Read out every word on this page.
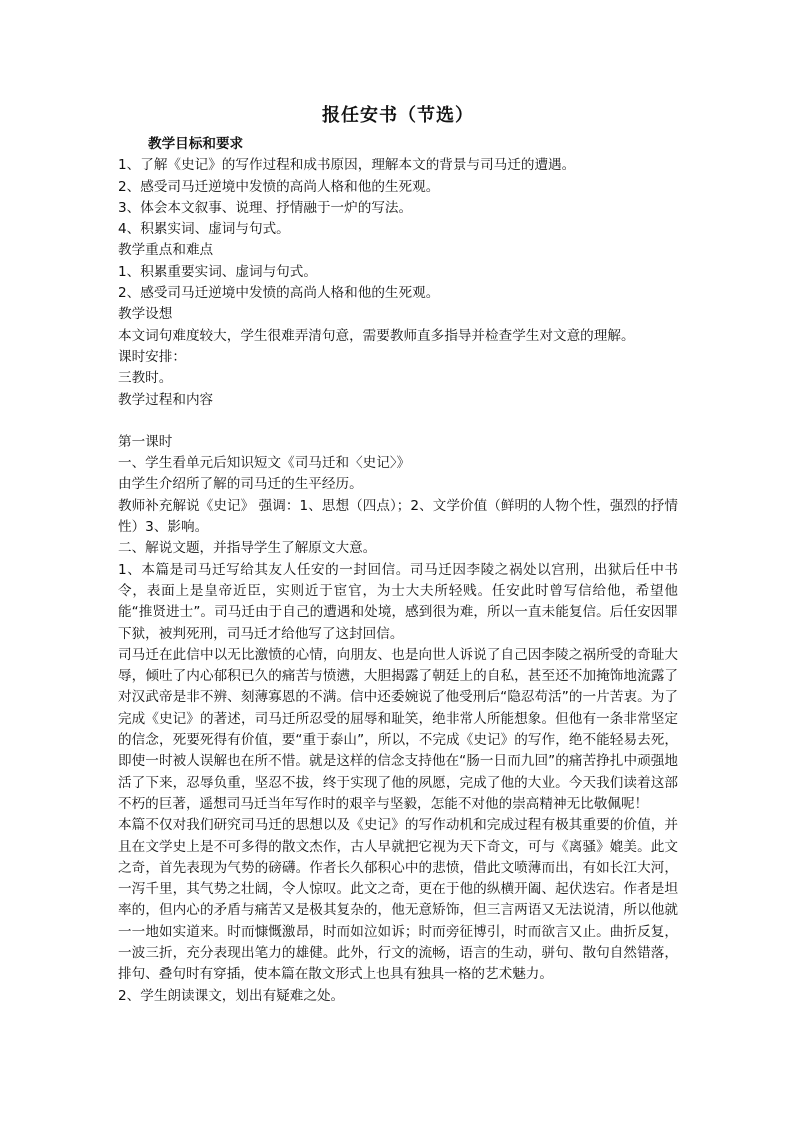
报任安书（节选）

教学目标和要求

1、了解《史记》的写作过程和成书原因，理解本文的背景与司马迁的遭遇。

2、感受司马迁逆境中发愤的高尚人格和他的生死观。

3、体会本文叙事、说理、抒情融于一炉的写法。

4、积累实词、虚词与句式。

教学重点和难点

1、积累重要实词、虚词与句式。

2、感受司马迁逆境中发愤的高尚人格和他的生死观。

教学设想

本文词句难度较大，学生很难弄清句意，需要教师直多指导并检查学生对文意的理解。

课时安排：

三教时。

教学过程和内容

第一课时

一、学生看单元后知识短文《司马迁和〈史记〉》

由学生介绍所了解的司马迁的生平经历。

教师补充解说《史记》 强调：1、思想（四点）；2、文学价值（鲜明的人物个性，强烈的抒情性）3、影响。

二、解说文题，并指导学生了解原文大意。

1、本篇是司马迁写给其友人任安的一封回信。司马迁因李陵之祸处以宫刑，出狱后任中书令，表面上是皇帝近臣，实则近于宦官，为士大夫所轻贱。任安此时曾写信给他，希望他能“推贤进士”。司马迁由于自己的遭遇和处境，感到很为难，所以一直未能复信。后任安因罪下狱，被判死刑，司马迁才给他写了这封回信。

司马迁在此信中以无比激愤的心情，向朋友、也是向世人诉说了自己因李陵之祸所受的奇耻大辱，倾吐了内心郁积已久的痛苦与愤懑，大胆揭露了朝廷上的自私，甚至还不加掩饰地流露了对汉武帝是非不辨、刻薄寡恩的不满。信中还委婉说了他受刑后“隐忍苟活”的一片苦衷。为了完成《史记》的著述，司马迁所忍受的屈辱和耻笑，绝非常人所能想象。但他有一条非常坚定的信念，死要死得有价值，要“重于泰山”，所以，不完成《史记》的写作，绝不能轻易去死，即使一时被人误解也在所不惜。就是这样的信念支持他在“肠一日而九回”的痛苦挣扎中顽强地活了下来，忍辱负重，坚忍不拔，终于实现了他的夙愿，完成了他的大业。今天我们读着这部不朽的巨著，遥想司马迁当年写作时的艰辛与坚毅，怎能不对他的崇高精神无比敬佩呢！

本篇不仅对我们研究司马迁的思想以及《史记》的写作动机和完成过程有极其重要的价值，并且在文学史上是不可多得的散文杰作，古人早就把它视为天下奇文，可与《离骚》媲美。此文之奇，首先表现为气势的磅礴。作者长久郁积心中的悲愤，借此文喷薄而出，有如长江大河，一泻千里，其气势之壮阔，令人惊叹。此文之奇，更在于他的纵横开阖、起伏迭宕。作者是坦率的，但内心的矛盾与痛苦又是极其复杂的，他无意矫饰，但三言两语又无法说清，所以他就一一地如实道来。时而慷慨激昂，时而如泣如诉；时而旁征博引，时而欲言又止。曲折反复，一波三折，充分表现出笔力的雄健。此外，行文的流畅，语言的生动，骈句、散句自然错落，排句、叠句时有穿插，使本篇在散文形式上也具有独具一格的艺术魅力。

2、学生朗读课文，划出有疑难之处。
